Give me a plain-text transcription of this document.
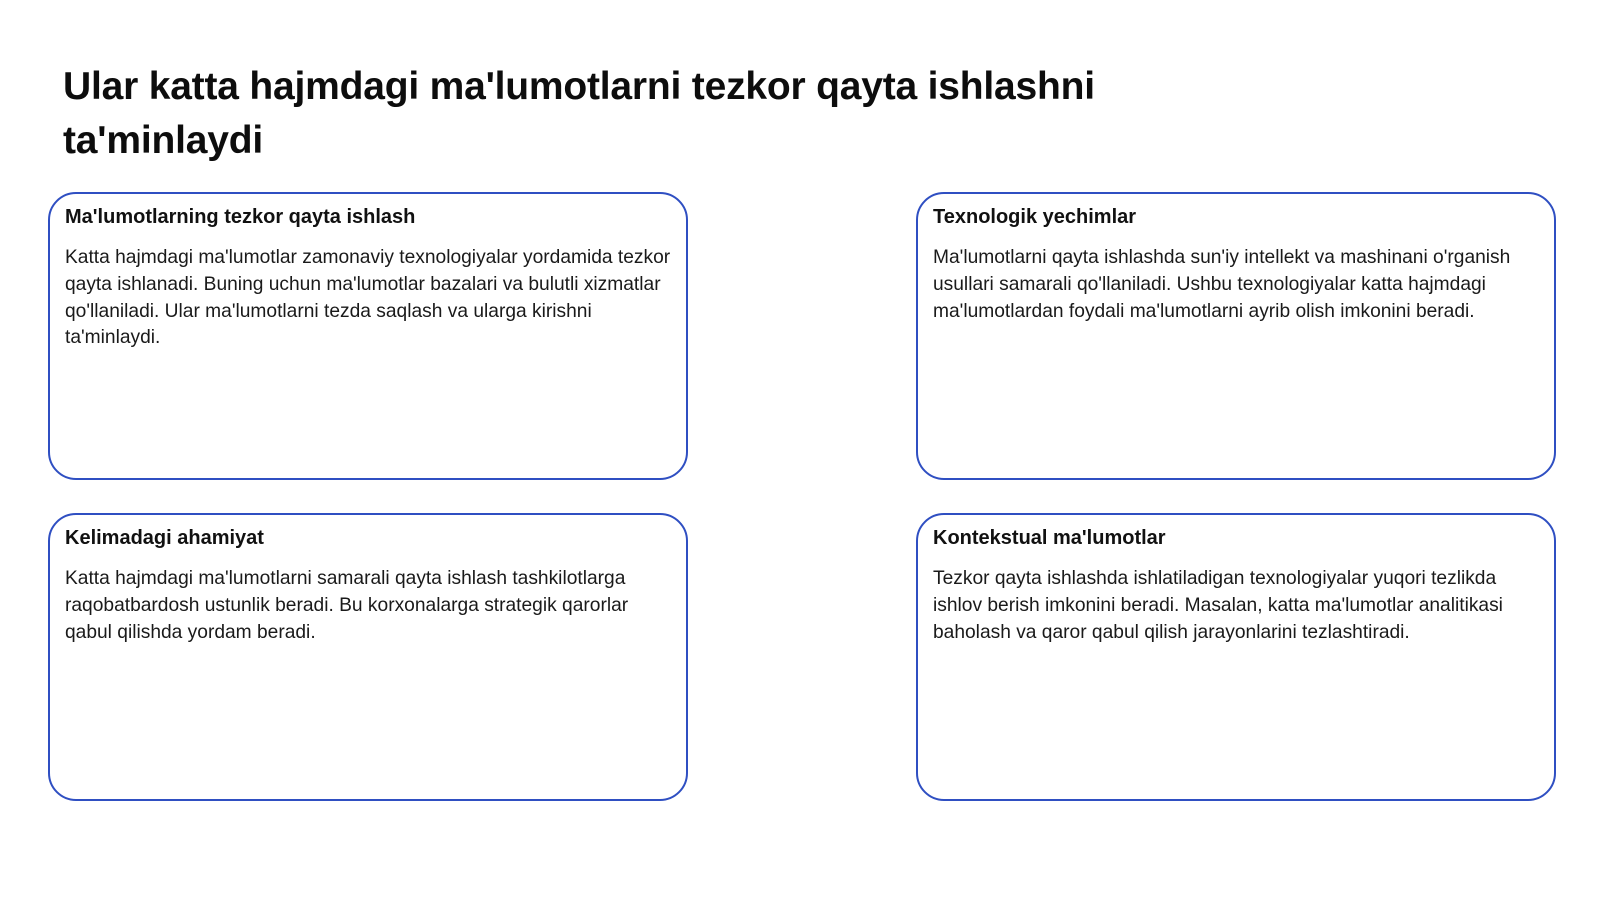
Ular katta hajmdagi ma'lumotlarni tezkor qayta ishlashni ta'minlaydi
Ma'lumotlarning tezkor qayta ishlash

Katta hajmdagi ma'lumotlar zamonaviy texnologiyalar yordamida tezkor qayta ishlanadi. Buning uchun ma'lumotlar bazalari va bulutli xizmatlar qo'llaniladi. Ular ma'lumotlarni tezda saqlash va ularga kirishni ta'minlaydi.

Texnologik yechimlar

Ma'lumotlarni qayta ishlashda sun'iy intellekt va mashinani o'rganish usullari samarali qo'llaniladi. Ushbu texnologiyalar katta hajmdagi ma'lumotlardan foydali ma'lumotlarni ayrib olish imkonini beradi.

Kelimadagi ahamiyat

Katta hajmdagi ma'lumotlarni samarali qayta ishlash tashkilotlarga raqobatbardosh ustunlik beradi. Bu korxonalarga strategik qarorlar qabul qilishda yordam beradi.

Kontekstual ma'lumotlar

Tezkor qayta ishlashda ishlatiladigan texnologiyalar yuqori tezlikda ishlov berish imkonini beradi. Masalan, katta ma'lumotlar analitikasi baholash va qaror qabul qilish jarayonlarini tezlashtiradi.
